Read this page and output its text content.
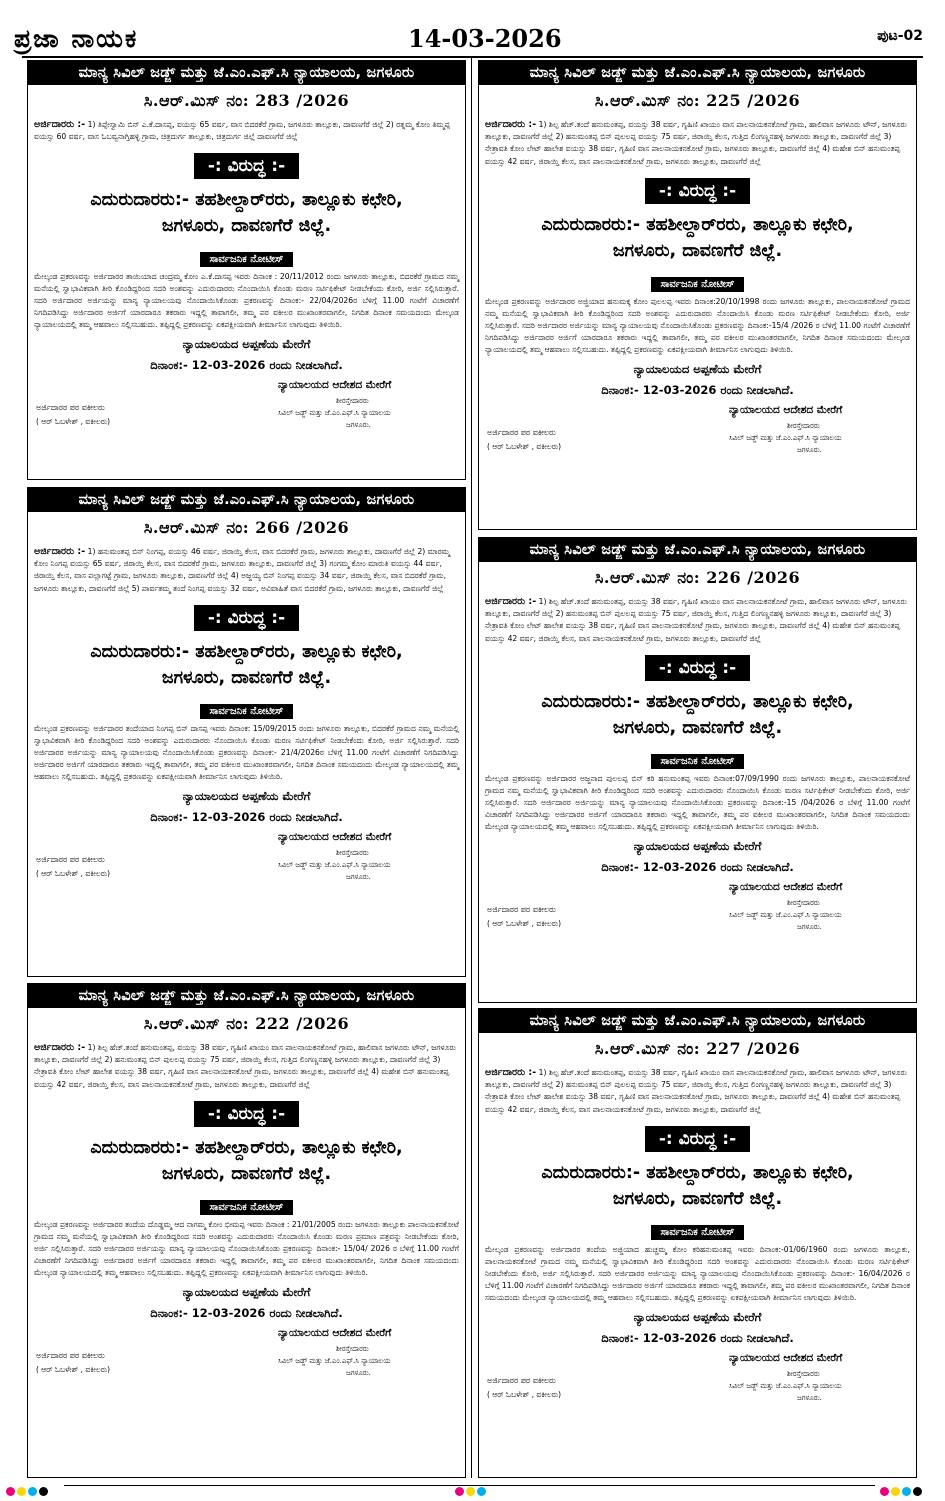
ಪ್ರಜಾ ನಾಯಕ	14-03-2026	ಪುಟ-02
ಮಾನ್ಯ ಸಿವಿಲ್ ಜಡ್ಜ್ ಮತ್ತು ಜೆ.ಎಂ.ಎಫ್.ಸಿ ನ್ಯಾಯಾಲಯ, ಜಗಳೂರು
ಸಿ.ಆರ್.ಮಿಸ್ ನಂ: 283 /2026
ಅರ್ಜಿದಾರರು :- 1) ತಿಪ್ಪೇಸ್ವಾಮಿ ಬಿನ್ ಎ.ಕೆ.ದಾಸಪ್ಪ, ವಯಸ್ಸು 65 ವರ್ಷ, ವಾಸ ಬಿದರಕೆರೆ ಗ್ರಾಮ, ಜಗಳೂರು ತಾಲ್ಲೂಕು, ದಾವಣಗೆರೆ ಜಿಲ್ಲೆ 2) ರತ್ನಮ್ಮ ಕೋಂ ತಿಮ್ಮಪ್ಪ ವಯಸ್ಸು 60 ವರ್ಷ, ವಾಸ ಓಬವ್ವನಾಗ್ತಿಹಳ್ಳಿ ಗ್ರಾಮ, ಚಿತ್ರದುರ್ಗ ತಾಲ್ಲೂಕು, ಚಿತ್ರದುರ್ಗ ಜಿಲ್ಲೆ ದಾವಣಗೆರೆ ಜಿಲ್ಲೆ
-: ವಿರುದ್ಧ :-
ಎದುರುದಾರರು:- ತಹಶೀಲ್ದಾರ್‌ರರು, ತಾಲ್ಲೂಕು ಕಛೇರಿ,
ಜಗಳೂರು, ದಾವಣಗೆರೆ ಜಿಲ್ಲೆ.
ಸಾರ್ವಜನಿಕ ನೋಟೀಸ್
ಮೇಲ್ಕಂಡ ಪ್ರಕರಣವನ್ನು ಅರ್ಜಿದಾರರ ತಾಯಿಯಾದ ಚಂದ್ರಮ್ಮ ಕೋಂ ಎ.ಕೆ.ದಾಸಪ್ಪ ಇವರು ದಿನಾಂಕ : 20/11/2012 ರಂದು ಜಗಳೂರು ತಾಲ್ಲೂಕು, ಬಿದರಕೆರೆ ಗ್ರಾಮದ ನಮ್ಮ ಮನೆಯಲ್ಲಿ ಸ್ವಾಭಾವಿಕವಾಗಿ ತೀರಿ ಕೊಂಡಿದ್ದರಿಂದ ಸದರಿ ಅಂಶವನ್ನು ಎದುರುದಾರರು ನೊಂದಾಯಿಸಿ ಕೊಂಡು ಮರಣ ಸರ್ಟಿಫಿಕೇಟ್ ನೀಡಬೇಕೆಂದು ಕೋರಿ, ಅರ್ಜಿ ಸಲ್ಲಿಸಿರುತ್ತಾರೆ. ಸದರಿ ಅರ್ಜಿದಾರರ ಅರ್ಜಿಯನ್ನು ಮಾನ್ಯ ನ್ಯಾಯಾಲಯವು ನೊಂದಾಯಿಸಿಕೊಂಡು ಪ್ರಕರಣವನ್ನು ದಿನಾಂಕ:- 22/04/2026ರ ಬೆಳಿಗ್ಗೆ 11.00 ಗಂಟೆಗೆ ವಿಚಾರಣೆಗೆ ನಿಗದಿಪಡಿಸಿದ್ದು ಅರ್ಜಿದಾರರ ಅರ್ಜಿಗೆ ಯಾರದಾರೂ ತಕರಾರು ಇದ್ದಲ್ಲಿ ತಾವಾಗಲೀ, ತಮ್ಮ ಪರ ವಕೀಲರ ಮುಖಾಂತರವಾಗಲೀ, ನಿಗದಿತ ದಿನಾಂಕ ಸಮಯದಂದು ಮೇಲ್ಕಂಡ ನ್ಯಾಯಾಲಯದಲ್ಲಿ ತಮ್ಮ ಆಹವಾಲು ಸಲ್ಲಿಸಬಹುದು. ತಪ್ಪಿದ್ದಲ್ಲಿ ಪ್ರಕರಣವನ್ನು ಏಕಪಕ್ಷೀಯವಾಗಿ ತೀರ್ಮಾನಿಸ ಲಾಗುವುದು ತಿಳಿಯಿರಿ.
ನ್ಯಾಯಾಲಯದ ಅಪ್ಪಣೆಯ ಮೇರೆಗೆ
ದಿನಾಂಕ:- 12-03-2026 ರಂದು ನೀಡಲಾಗಿದೆ.
ನ್ಯಾಯಾಲಯದ ಆದೇಶದ ಮೇರೆಗೆ
ಅರ್ಜಿದಾರರ ಪರ ವಕೀಲರು
ಶೀರಸ್ತೇದಾರರು
ಸಿವಿಲ್ ಜಡ್ಜ್ ಮತ್ತು ಜೆ.ಎಂ.ಎಫ್.ಸಿ ನ್ಯಾಯಾಲಯ
( ಆರ್ ಓಬಳೇಶ್ , ವಕೀಲರು)	ಜಗಳೂರು.
ಮಾನ್ಯ ಸಿವಿಲ್ ಜಡ್ಜ್ ಮತ್ತು ಜೆ.ಎಂ.ಎಫ್.ಸಿ ನ್ಯಾಯಾಲಯ, ಜಗಳೂರು
ಸಿ.ಆರ್.ಮಿಸ್ ನಂ: 266 /2026
ಅರ್ಜಿದಾರರು :- 1) ಹನುಮಂತಪ್ಪ ಬಿನ್ ನಿಂಗಪ್ಪ, ವಯಸ್ಸು 46 ವರ್ಷ, ಜಿರಾಯ್ತಿ ಕೆಲಸ, ವಾಸ ಬಿದರಕೆರೆ ಗ್ರಾಮ, ಜಗಳೂರು ತಾಲ್ಲೂಕು, ದಾವಣಗೆರೆ ಜಿಲ್ಲೆ 2) ಮಾರಮ್ಮ ಕೋಂ ನಿಂಗಪ್ಪ ವಯಸ್ಸು 65 ವರ್ಷ, ಜಿರಾಯ್ತಿ ಕೆಲಸ, ವಾಸ ಬಿದರಕೆರೆ ಗ್ರಾಮ, ಜಗಳೂರು ತಾಲ್ಲೂಕು, ದಾವಣಗೆರೆ ಜಿಲ್ಲೆ 3) ಗಂಗಮ್ಮ ಕೋಂ ಮಾರುತಿ ವಯಸ್ಸು 44 ವರ್ಷ, ಜಿರಾಯ್ತಿ ಕೆಲಸ, ವಾಸ ಪಲ್ಲಾಗಟ್ಟೆ ಗ್ರಾಮ, ಜಗಳೂರು ತಾಲ್ಲೂಕು, ದಾವಣಗೆರೆ ಜಿಲ್ಲೆ 4) ಅಜ್ಜಯ್ಯ ಬಿನ್ ನಿಂಗಪ್ಪ ವಯಸ್ಸು 34 ವರ್ಷ, ಜಿರಾಯ್ತಿ ಕೆಲಸ, ವಾಸ ಬಿದರಕೆರೆ ಗ್ರಾಮ, ಜಗಳೂರು ತಾಲ್ಲೂಕು, ದಾವಣಗೆರೆ ಜಿಲ್ಲೆ 5) ಪಾರ್ವತಮ್ಮ ತಂದೆ ನಿಂಗಪ್ಪ ವಯಸ್ಸು 32 ವರ್ಷ, ಅವಿವಾಹಿತೆ ವಾಸ ಬಿದರಕೆರೆ ಗ್ರಾಮ, ಜಗಳೂರು ತಾಲ್ಲೂಕು, ದಾವಣಗೆರೆ ಜಿಲ್ಲೆ
-: ವಿರುದ್ಧ :-
ಎದುರುದಾರರು:- ತಹಶೀಲ್ದಾರ್‌ರರು, ತಾಲ್ಲೂಕು ಕಛೇರಿ,
ಜಗಳೂರು, ದಾವಣಗೆರೆ ಜಿಲ್ಲೆ.
ಸಾರ್ವಜನಿಕ ನೋಟೀಸ್
ಮೇಲ್ಕಂಡ ಪ್ರಕರಣವನ್ನು ಅರ್ಜಿದಾರರ ತಂದೆಯಾದ ನಿಂಗಪ್ಪ ಬಿನ್ ದಾಸಪ್ಪ ಇವರು ದಿನಾಂಕ: 15/09/2015 ರಂದು ಜಗಳೂರು ತಾಲ್ಲೂಕು, ಬಿದರಕೆರೆ ಗ್ರಾಮದ ನಮ್ಮ ಮನೆಯಲ್ಲಿ ಸ್ವಾಭಾವಿಕವಾಗಿ ತೀರಿ ಕೊಂಡಿದ್ದರಿಂದ ಸದರಿ ಅಂಶವನ್ನು ಎದುರುದಾರರು ನೊಂದಾಯಿಸಿ ಕೊಂಡು ಮರಣ ಸರ್ಟಿಫಿಕೇಟ್ ನೀಡಬೇಕೆಂದು ಕೋರಿ, ಅರ್ಜಿ ಸಲ್ಲಿಸಿರುತ್ತಾರೆ. ಸದರಿ ಅರ್ಜಿದಾರರ ಅರ್ಜಿಯನ್ನು ಮಾನ್ಯ ನ್ಯಾಯಾಲಯವು ನೊಂದಾಯಿಸಿಕೊಂಡು ಪ್ರಕರಣವನ್ನು ದಿನಾಂಕ:- 21/4/2026ರ ಬೆಳಿಗ್ಗೆ 11.00 ಗಂಟೆಗೆ ವಿಚಾರಣೆಗೆ ನಿಗದಿಪಡಿಸಿದ್ದು ಅರ್ಜಿದಾರರ ಅರ್ಜಿಗೆ ಯಾರದಾರೂ ತಕರಾರು ಇದ್ದಲ್ಲಿ ತಾವಾಗಲೀ, ತಮ್ಮ ಪರ ವಕೀಲರ ಮುಖಾಂತರವಾಗಲೀ, ನಿಗದಿತ ದಿನಾಂಕ ಸಮಯದಂದು ಮೇಲ್ಕಂಡ ನ್ಯಾಯಾಲಯದಲ್ಲಿ ತಮ್ಮ ಆಹವಾಲು ಸಲ್ಲಿಸಬಹುದು. ತಪ್ಪಿದ್ದಲ್ಲಿ ಪ್ರಕರಣವನ್ನು ಏಕಪಕ್ಷೀಯವಾಗಿ ತೀರ್ಮಾನಿಸ ಲಾಗುವುದು ತಿಳಿಯಿರಿ.
ನ್ಯಾಯಾಲಯದ ಅಪ್ಪಣೆಯ ಮೇರೆಗೆ
ದಿನಾಂಕ:- 12-03-2026 ರಂದು ನೀಡಲಾಗಿದೆ.
ನ್ಯಾಯಾಲಯದ ಆದೇಶದ ಮೇರೆಗೆ
ಅರ್ಜಿದಾರರ ಪರ ವಕೀಲರು
ಶೀರಸ್ತೇದಾರರು
ಸಿವಿಲ್ ಜಡ್ಜ್ ಮತ್ತು ಜೆ.ಎಂ.ಎಫ್.ಸಿ ನ್ಯಾಯಾಲಯ
( ಆರ್ ಓಬಳೇಶ್ , ವಕೀಲರು)	ಜಗಳೂರು.
ಮಾನ್ಯ ಸಿವಿಲ್ ಜಡ್ಜ್ ಮತ್ತು ಜೆ.ಎಂ.ಎಫ್.ಸಿ ನ್ಯಾಯಾಲಯ, ಜಗಳೂರು
ಸಿ.ಆರ್.ಮಿಸ್ ನಂ: 222 /2026
ಅರ್ಜಿದಾರರು :- 1) ಶಿಲ್ಪ ಹೆಚ್.ತಂದೆ ಹನುಮಂತಪ್ಪ, ವಯಸ್ಸು 38 ವರ್ಷ, ಗೃಹಿಣಿ ಖಾಯಂ ವಾಸ ಪಾಲನಾಯಕನಕೋಟೆ ಗ್ರಾಮ, ಹಾಲಿವಾಸ ಜಗಳೂರು ಟೌನ್, ಜಗಳೂರು ತಾಲ್ಲೂಕು, ದಾವಣಗೆರೆ ಜಿಲ್ಲೆ 2) ಹನುಮಂತಪ್ಪ ಬಿನ್ ಪುಲಲಪ್ಪ ವಯಸ್ಸು 75 ವರ್ಷ, ಜಿರಾಯ್ತಿ ಕೆಲಸ, ಗುತ್ತಿದ ಲಿಂಗಣ್ಣನಹಳ್ಳಿ ಜಗಳೂರು ತಾಲ್ಲೂಕು, ದಾವಣಗೆರೆ ಜಿಲ್ಲೆ 3) ನೇತ್ರಾವತಿ ಕೋಂ ಲೇಟ್ ಹಾಲೇಶ ವಯಸ್ಸು 38 ವರ್ಷ, ಗೃಹಿಣಿ ವಾಸ ಪಾಲನಾಯಕನಕೋಟೆ ಗ್ರಾಮ, ಜಗಳೂರು ತಾಲ್ಲೂಕು, ದಾವಣಗೆರೆ ಜಿಲ್ಲೆ 4) ಮಹೇಶ ಬಿನ್ ಹನುಮಂತಪ್ಪ ವಯಸ್ಸು 42 ವರ್ಷ, ಜಿರಾಯ್ತಿ ಕೆಲಸ, ವಾಸ ಪಾಲನಾಯಕನಕೋಟೆ ಗ್ರಾಮ, ಜಗಳೂರು ತಾಲ್ಲೂಕು, ದಾವಣಗೆರೆ ಜಿಲ್ಲೆ
-: ವಿರುದ್ಧ :-
ಎದುರುದಾರರು:- ತಹಶೀಲ್ದಾರ್‌ರರು, ತಾಲ್ಲೂಕು ಕಛೇರಿ,
ಜಗಳೂರು, ದಾವಣಗೆರೆ ಜಿಲ್ಲೆ.
ಸಾರ್ವಜನಿಕ ನೋಟೀಸ್
ಮೇಲ್ಕಂಡ ಪ್ರಕರಣವನ್ನು ಅರ್ಜಿದಾರರ ತಂದೆಯ ದೊಡ್ಡಮ್ಮ ಆದ ನಾಗಮ್ಮ ಕೋಂ ಭೀಮಪ್ಪ ಇವರು ದಿನಾಂಕ : 21/01/2005 ರಂದು ಜಗಳೂರು ತಾಲ್ಲೂಕು ಪಾಲನಾಯಕನಕೋಟೆ ಗ್ರಾಮದ ನಮ್ಮ ಮನೆಯಲ್ಲಿ ಸ್ವಾಭಾವಿಕವಾಗಿ ತೀರಿ ಕೊಂಡಿದ್ದರಿಂದ ಸದರಿ ಅಂಶವನ್ನು ಎದುರುದಾರರು ನೊಂದಾಯಿಸಿ ಕೊಂಡು ಮರಣ ಪ್ರಮಾಣ ಪತ್ರವನ್ನು ನೀಡಬೇಕೆಂದು ಕೋರಿ, ಅರ್ಜಿ ಸಲ್ಲಿಸಿರುತ್ತಾರೆ. ಸದರಿ ಅರ್ಜಿದಾರರ ಅರ್ಜಿಯನ್ನು ಮಾನ್ಯ ನ್ಯಾಯಾಲಯವು ನೊಂದಾಯಿಸಿಕೊಂಡು ಪ್ರಕರಣವನ್ನು ದಿನಾಂಕ:- 15/04/ 2026 ರ ಬೆಳಿಗ್ಗೆ 11.00 ಗಂಟೆಗೆ ವಿಚಾರಣೆಗೆ ನಿಗದಿಪಡಿಸಿದ್ದು ಅರ್ಜಿದಾರರ ಅರ್ಜಿಗೆ ಯಾರದಾರೂ ತಕರಾರು ಇದ್ದಲ್ಲಿ ತಾವಾಗಲೀ, ತಮ್ಮ ಪರ ವಕೀಲರ ಮುಖಾಂತರವಾಗಲೀ, ನಿಗದಿತ ದಿನಾಂಕ ಸಮಯದಂದು ಮೇಲ್ಕಂಡ ನ್ಯಾಯಾಲಯದಲ್ಲಿ ತಮ್ಮ ಆಹವಾಲು ಸಲ್ಲಿಸಬಹುದು. ತಪ್ಪಿದ್ದಲ್ಲಿ ಪ್ರಕರಣವನ್ನು ಏಕಪಕ್ಷೀಯವಾಗಿ ತೀರ್ಮಾನಿಸ ಲಾಗುವುದು ತಿಳಿಯಿರಿ.
ನ್ಯಾಯಾಲಯದ ಅಪ್ಪಣೆಯ ಮೇರೆಗೆ
ದಿನಾಂಕ:- 12-03-2026 ರಂದು ನೀಡಲಾಗಿದೆ.
ನ್ಯಾಯಾಲಯದ ಆದೇಶದ ಮೇರೆಗೆ
ಅರ್ಜಿದಾರರ ಪರ ವಕೀಲರು
ಶೀರಸ್ತೇದಾರರು
ಸಿವಿಲ್ ಜಡ್ಜ್ ಮತ್ತು ಜೆ.ಎಂ.ಎಫ್.ಸಿ ನ್ಯಾಯಾಲಯ
( ಆರ್ ಓಬಳೇಶ್ , ವಕೀಲರು)	ಜಗಳೂರು.
ಮಾನ್ಯ ಸಿವಿಲ್ ಜಡ್ಜ್ ಮತ್ತು ಜೆ.ಎಂ.ಎಫ್.ಸಿ ನ್ಯಾಯಾಲಯ, ಜಗಳೂರು
ಸಿ.ಆರ್.ಮಿಸ್ ನಂ: 225 /2026
ಅರ್ಜಿದಾರರು :- 1) ಶಿಲ್ಪ ಹೆಚ್.ತಂದೆ ಹನುಮಂತಪ್ಪ, ವಯಸ್ಸು 38 ವರ್ಷ, ಗೃಹಿಣಿ ಖಾಯಂ ವಾಸ ಪಾಲನಾಯಕನಕೋಟೆ ಗ್ರಾಮ, ಹಾಲಿವಾಸ ಜಗಳೂರು ಟೌನ್, ಜಗಳೂರು ತಾಲ್ಲೂಕು, ದಾವಣಗೆರೆ ಜಿಲ್ಲೆ 2) ಹನುಮಂತಪ್ಪ ಬಿನ್ ಪುಲಲಪ್ಪ ವಯಸ್ಸು 75 ವರ್ಷ, ಜಿರಾಯ್ತಿ ಕೆಲಸ, ಗುತ್ತಿದ ಲಿಂಗಣ್ಣನಹಳ್ಳಿ ಜಗಳೂರು ತಾಲ್ಲೂಕು, ದಾವಣಗೆರೆ ಜಿಲ್ಲೆ 3) ನೇತ್ರಾವತಿ ಕೋಂ ಲೇಟ್ ಹಾಲೇಶ ವಯಸ್ಸು 38 ವರ್ಷ, ಗೃಹಿಣಿ ವಾಸ ಪಾಲನಾಯಕನಕೋಟೆ ಗ್ರಾಮ, ಜಗಳೂರು ತಾಲ್ಲೂಕು, ದಾವಣಗೆರೆ ಜಿಲ್ಲೆ 4) ಮಹೇಶ ಬಿನ್ ಹನುಮಂತಪ್ಪ ವಯಸ್ಸು 42 ವರ್ಷ, ಜಿರಾಯ್ತಿ ಕೆಲಸ, ವಾಸ ಪಾಲನಾಯಕನಕೋಟೆ ಗ್ರಾಮ, ಜಗಳೂರು ತಾಲ್ಲೂಕು, ದಾವಣಗೆರೆ ಜಿಲ್ಲೆ
-: ವಿರುದ್ಧ :-
ಎದುರುದಾರರು:- ತಹಶೀಲ್ದಾರ್‌ರರು, ತಾಲ್ಲೂಕು ಕಛೇರಿ,
ಜಗಳೂರು, ದಾವಣಗೆರೆ ಜಿಲ್ಲೆ.
ಸಾರ್ವಜನಿಕ ನೋಟೀಸ್
ಮೇಲ್ಕಂಡ ಪ್ರಕರಣವನ್ನು ಅರ್ಜಿದಾರರ ಅಜ್ಜಿಯಾದ ಹನುಮಕ್ಕ ಕೋಂ ಪುಲಲಪ್ಪ ಇವರು ದಿನಾಂಕ:20/10/1998 ರಂದು ಜಗಳೂರು ತಾಲ್ಲೂಕು, ಪಾಲನಾಯಕನಕೋಟೆ ಗ್ರಾಮದ ನಮ್ಮ ಮನೆಯಲ್ಲಿ ಸ್ವಾಭಾವಿಕವಾಗಿ ತೀರಿ ಕೊಂಡಿದ್ದರಿಂದ ಸದರಿ ಅಂಶವನ್ನು ಎದುರುದಾರರು ನೊಂದಾಯಿಸಿ ಕೊಂಡು ಮರಣ ಸರ್ಟಿಫಿಕೇಟ್ ನೀಡಬೇಕೆಂದು ಕೋರಿ, ಅರ್ಜಿ ಸಲ್ಲಿಸಿರುತ್ತಾರೆ. ಸದರಿ ಅರ್ಜಿದಾರರ ಅರ್ಜಿಯನ್ನು ಮಾನ್ಯ ನ್ಯಾಯಾಲಯವು ನೊಂದಾಯಿಸಿಕೊಂಡು ಪ್ರಕರಣವನ್ನು ದಿನಾಂಕ:-15/4 /2026 ರ ಬೆಳಿಗ್ಗೆ 11.00 ಗಂಟೆಗೆ ವಿಚಾರಣೆಗೆ ನಿಗದಿಪಡಿಸಿದ್ದು ಅರ್ಜಿದಾರರ ಅರ್ಜಿಗೆ ಯಾರದಾರೂ ತಕರಾರು ಇದ್ದಲ್ಲಿ ತಾವಾಗಲೀ, ತಮ್ಮ ಪರ ವಕೀಲರ ಮುಖಾಂತರವಾಗಲೀ, ನಿಗದಿತ ದಿನಾಂಕ ಸಮಯದಂದು ಮೇಲ್ಕಂಡ ನ್ಯಾಯಾಲಯದಲ್ಲಿ ತಮ್ಮ ಆಹವಾಲು ಸಲ್ಲಿಸಬಹುದು. ತಪ್ಪಿದ್ದಲ್ಲಿ ಪ್ರಕರಣವನ್ನು ಏಕಪಕ್ಷೀಯವಾಗಿ ತೀರ್ಮಾನಿಸ ಲಾಗುವುದು ತಿಳಿಯಿರಿ.
ನ್ಯಾಯಾಲಯದ ಅಪ್ಪಣೆಯ ಮೇರೆಗೆ
ದಿನಾಂಕ:- 12-03-2026 ರಂದು ನೀಡಲಾಗಿದೆ.
ನ್ಯಾಯಾಲಯದ ಆದೇಶದ ಮೇರೆಗೆ
ಅರ್ಜಿದಾರರ ಪರ ವಕೀಲರು
ಶೀರಸ್ತೇದಾರರು
ಸಿವಿಲ್ ಜಡ್ಜ್ ಮತ್ತು ಜೆ.ಎಂ.ಎಫ್.ಸಿ ನ್ಯಾಯಾಲಯ
( ಆರ್ ಓಬಳೇಶ್ , ವಕೀಲರು)	ಜಗಳೂರು.
ಮಾನ್ಯ ಸಿವಿಲ್ ಜಡ್ಜ್ ಮತ್ತು ಜೆ.ಎಂ.ಎಫ್.ಸಿ ನ್ಯಾಯಾಲಯ, ಜಗಳೂರು
ಸಿ.ಆರ್.ಮಿಸ್ ನಂ: 226 /2026
ಅರ್ಜಿದಾರರು :- 1) ಶಿಲ್ಪ ಹೆಚ್.ತಂದೆ ಹನುಮಂತಪ್ಪ, ವಯಸ್ಸು 38 ವರ್ಷ, ಗೃಹಿಣಿ ಖಾಯಂ ವಾಸ ಪಾಲನಾಯಕನಕೋಟೆ ಗ್ರಾಮ, ಹಾಲಿವಾಸ ಜಗಳೂರು ಟೌನ್, ಜಗಳೂರು ತಾಲ್ಲೂಕು, ದಾವಣಗೆರೆ ಜಿಲ್ಲೆ 2) ಹನುಮಂತಪ್ಪ ಬಿನ್ ಪುಲಲಪ್ಪ ವಯಸ್ಸು 75 ವರ್ಷ, ಜಿರಾಯ್ತಿ ಕೆಲಸ, ಗುತ್ತಿದ ಲಿಂಗಣ್ಣನಹಳ್ಳಿ ಜಗಳೂರು ತಾಲ್ಲೂಕು, ದಾವಣಗೆರೆ ಜಿಲ್ಲೆ 3) ನೇತ್ರಾವತಿ ಕೋಂ ಲೇಟ್ ಹಾಲೇಶ ವಯಸ್ಸು 38 ವರ್ಷ, ಗೃಹಿಣಿ ವಾಸ ಪಾಲನಾಯಕನಕೋಟೆ ಗ್ರಾಮ, ಜಗಳೂರು ತಾಲ್ಲೂಕು, ದಾವಣಗೆರೆ ಜಿಲ್ಲೆ 4) ಮಹೇಶ ಬಿನ್ ಹನುಮಂತಪ್ಪ ವಯಸ್ಸು 42 ವರ್ಷ, ಜಿರಾಯ್ತಿ ಕೆಲಸ, ವಾಸ ಪಾಲನಾಯಕನಕೋಟೆ ಗ್ರಾಮ, ಜಗಳೂರು ತಾಲ್ಲೂಕು, ದಾವಣಗೆರೆ ಜಿಲ್ಲೆ
-: ವಿರುದ್ಧ :-
ಎದುರುದಾರರು:- ತಹಶೀಲ್ದಾರ್‌ರರು, ತಾಲ್ಲೂಕು ಕಛೇರಿ,
ಜಗಳೂರು, ದಾವಣಗೆರೆ ಜಿಲ್ಲೆ.
ಸಾರ್ವಜನಿಕ ನೋಟೀಸ್
ಮೇಲ್ಕಂಡ ಪ್ರಕರಣವನ್ನು ಅರ್ಜಿದಾರರ ಅಜ್ಜನಾದ ಪುಲಲಪ್ಪ ಬಿನ್ ಕರಿ ಹನುಮಂತಪ್ಪ ಇವರು ದಿನಾಂಕ:07/09/1990 ರಂದು ಜಗಳೂರು ತಾಲ್ಲೂಕು, ಪಾಲನಾಯಕನಕೋಟೆ ಗ್ರಾಮದ ನಮ್ಮ ಮನೆಯಲ್ಲಿ ಸ್ವಾಭಾವಿಕವಾಗಿ ತೀರಿ ಕೊಂಡಿದ್ದರಿಂದ ಸದರಿ ಅಂಶವನ್ನು ಎದುರುದಾರರು ನೊಂದಾಯಿಸಿ ಕೊಂಡು ಮರಣ ಸರ್ಟಿಫಿಕೇಟ್ ನೀಡಬೇಕೆಂದು ಕೋರಿ, ಅರ್ಜಿ ಸಲ್ಲಿಸಿರುತ್ತಾರೆ. ಸದರಿ ಅರ್ಜಿದಾರರ ಅರ್ಜಿಯನ್ನು ಮಾನ್ಯ ನ್ಯಾಯಾಲಯವು ನೊಂದಾಯಿಸಿಕೊಂಡು ಪ್ರಕರಣವನ್ನು ದಿನಾಂಕ:-15 /04/2026 ರ ಬೆಳಿಗ್ಗೆ 11.00 ಗಂಟೆಗೆ ವಿಚಾರಣೆಗೆ ನಿಗದಿಪಡಿಸಿದ್ದು ಅರ್ಜಿದಾರರ ಅರ್ಜಿಗೆ ಯಾರದಾರೂ ತಕರಾರು ಇದ್ದಲ್ಲಿ ತಾವಾಗಲೀ, ತಮ್ಮ ಪರ ವಕೀಲರ ಮುಖಾಂತರವಾಗಲೀ, ನಿಗದಿತ ದಿನಾಂಕ ಸಮಯದಂದು ಮೇಲ್ಕಂಡ ನ್ಯಾಯಾಲಯದಲ್ಲಿ ತಮ್ಮ ಆಹವಾಲು ಸಲ್ಲಿಸಬಹುದು. ತಪ್ಪಿದ್ದಲ್ಲಿ ಪ್ರಕರಣವನ್ನು ಏಕಪಕ್ಷೀಯವಾಗಿ ತೀರ್ಮಾನಿಸ ಲಾಗುವುದು ತಿಳಿಯಿರಿ.
ನ್ಯಾಯಾಲಯದ ಅಪ್ಪಣೆಯ ಮೇರೆಗೆ
ದಿನಾಂಕ:- 12-03-2026 ರಂದು ನೀಡಲಾಗಿದೆ.
ನ್ಯಾಯಾಲಯದ ಆದೇಶದ ಮೇರೆಗೆ
ಅರ್ಜಿದಾರರ ಪರ ವಕೀಲರು
ಶೀರಸ್ತೇದಾರರು
ಸಿವಿಲ್ ಜಡ್ಜ್ ಮತ್ತು ಜೆ.ಎಂ.ಎಫ್.ಸಿ ನ್ಯಾಯಾಲಯ
( ಆರ್ ಓಬಳೇಶ್ , ವಕೀಲರು)	ಜಗಳೂರು.
ಮಾನ್ಯ ಸಿವಿಲ್ ಜಡ್ಜ್ ಮತ್ತು ಜೆ.ಎಂ.ಎಫ್.ಸಿ ನ್ಯಾಯಾಲಯ, ಜಗಳೂರು
ಸಿ.ಆರ್.ಮಿಸ್ ನಂ: 227 /2026
ಅರ್ಜಿದಾರರು :- 1) ಶಿಲ್ಪ ಹೆಚ್.ತಂದೆ ಹನುಮಂತಪ್ಪ, ವಯಸ್ಸು 38 ವರ್ಷ, ಗೃಹಿಣಿ ಖಾಯಂ ವಾಸ ಪಾಲನಾಯಕನಕೋಟೆ ಗ್ರಾಮ, ಹಾಲಿವಾಸ ಜಗಳೂರು ಟೌನ್, ಜಗಳೂರು ತಾಲ್ಲೂಕು, ದಾವಣಗೆರೆ ಜಿಲ್ಲೆ 2) ಹನುಮಂತಪ್ಪ ಬಿನ್ ಪುಲಲಪ್ಪ ವಯಸ್ಸು 75 ವರ್ಷ, ಜಿರಾಯ್ತಿ ಕೆಲಸ, ಗುತ್ತಿದ ಲಿಂಗಣ್ಣನಹಳ್ಳಿ ಜಗಳೂರು ತಾಲ್ಲೂಕು, ದಾವಣಗೆರೆ ಜಿಲ್ಲೆ 3) ನೇತ್ರಾವತಿ ಕೋಂ ಲೇಟ್ ಹಾಲೇಶ ವಯಸ್ಸು 38 ವರ್ಷ, ಗೃಹಿಣಿ ವಾಸ ಪಾಲನಾಯಕನಕೋಟೆ ಗ್ರಾಮ, ಜಗಳೂರು ತಾಲ್ಲೂಕು, ದಾವಣಗೆರೆ ಜಿಲ್ಲೆ 4) ಮಹೇಶ ಬಿನ್ ಹನುಮಂತಪ್ಪ ವಯಸ್ಸು 42 ವರ್ಷ, ಜಿರಾಯ್ತಿ ಕೆಲಸ, ವಾಸ ಪಾಲನಾಯಕನಕೋಟೆ ಗ್ರಾಮ, ಜಗಳೂರು ತಾಲ್ಲೂಕು, ದಾವಣಗೆರೆ ಜಿಲ್ಲೆ
-: ವಿರುದ್ಧ :-
ಎದುರುದಾರರು:- ತಹಶೀಲ್ದಾರ್‌ರರು, ತಾಲ್ಲೂಕು ಕಛೇರಿ,
ಜಗಳೂರು, ದಾವಣಗೆರೆ ಜಿಲ್ಲೆ.
ಸಾರ್ವಜನಿಕ ನೋಟೀಸ್
ಮೇಲ್ಕಂಡ ಪ್ರಕರಣವನ್ನು ಅರ್ಜಿದಾರರ ತಂದೆಯ ಅಜ್ಜಿಯಾದ ಹುಚ್ಚಮ್ಮ ಕೋಂ ಕರಿಹನುಮಂತಪ್ಪ ಇವರು ದಿನಾಂಕ:-01/06/1960 ರಂದು ಜಗಳೂರು ತಾಲ್ಲೂಕು, ಪಾಲನಾಯಕನಕೋಟೆ ಗ್ರಾಮದ ನಮ್ಮ ಮನೆಯಲ್ಲಿ ಸ್ವಾಭಾವಿಕವಾಗಿ ತೀರಿ ಕೊಂಡಿದ್ದರಿಂದ ಸದರಿ ಅಂಶವನ್ನು ಎದುರುದಾರರು ನೊಂದಾಯಿಸಿ ಕೊಂಡು ಮರಣ ಸರ್ಟಿಫಿಕೇಟ್ ನೀಡಬೇಕೆಂದು ಕೋರಿ, ಅರ್ಜಿ ಸಲ್ಲಿಸಿರುತ್ತಾರೆ. ಸದರಿ ಅರ್ಜಿದಾರರ ಅರ್ಜಿಯನ್ನು ಮಾನ್ಯ ನ್ಯಾಯಾಲಯವು ನೊಂದಾಯಿಸಿಕೊಂಡು ಪ್ರಕರಣವನ್ನು ದಿನಾಂಕ:- 16/04/2026 ರ ಬೆಳಿಗ್ಗೆ 11.00 ಗಂಟೆಗೆ ವಿಚಾರಣೆಗೆ ನಿಗದಿಪಡಿಸಿದ್ದು ಅರ್ಜಿದಾರರ ಅರ್ಜಿಗೆ ಯಾರದಾರೂ ತಕರಾರು ಇದ್ದಲ್ಲಿ ತಾವಾಗಲೀ, ತಮ್ಮ ಪರ ವಕೀಲರ ಮುಖಾಂತರವಾಗಲೀ, ನಿಗದಿತ ದಿನಾಂಕ ಸಮಯದಂದು ಮೇಲ್ಕಂಡ ನ್ಯಾಯಾಲಯದಲ್ಲಿ ತಮ್ಮ ಆಹವಾಲು ಸಲ್ಲಿಸಬಹುದು. ತಪ್ಪಿದ್ದಲ್ಲಿ ಪ್ರಕರಣವನ್ನು ಏಕಪಕ್ಷೀಯವಾಗಿ ತೀರ್ಮಾನಿಸ ಲಾಗುವುದು ತಿಳಿಯಿರಿ.
ನ್ಯಾಯಾಲಯದ ಅಪ್ಪಣೆಯ ಮೇರೆಗೆ
ದಿನಾಂಕ:- 12-03-2026 ರಂದು ನೀಡಲಾಗಿದೆ.
ನ್ಯಾಯಾಲಯದ ಆದೇಶದ ಮೇರೆಗೆ
ಅರ್ಜಿದಾರರ ಪರ ವಕೀಲರು
ಶೀರಸ್ತೇದಾರರು
ಸಿವಿಲ್ ಜಡ್ಜ್ ಮತ್ತು ಜೆ.ಎಂ.ಎಫ್.ಸಿ ನ್ಯಾಯಾಲಯ
( ಆರ್ ಓಬಳೇಶ್ , ವಕೀಲರು)	ಜಗಳೂರು.
